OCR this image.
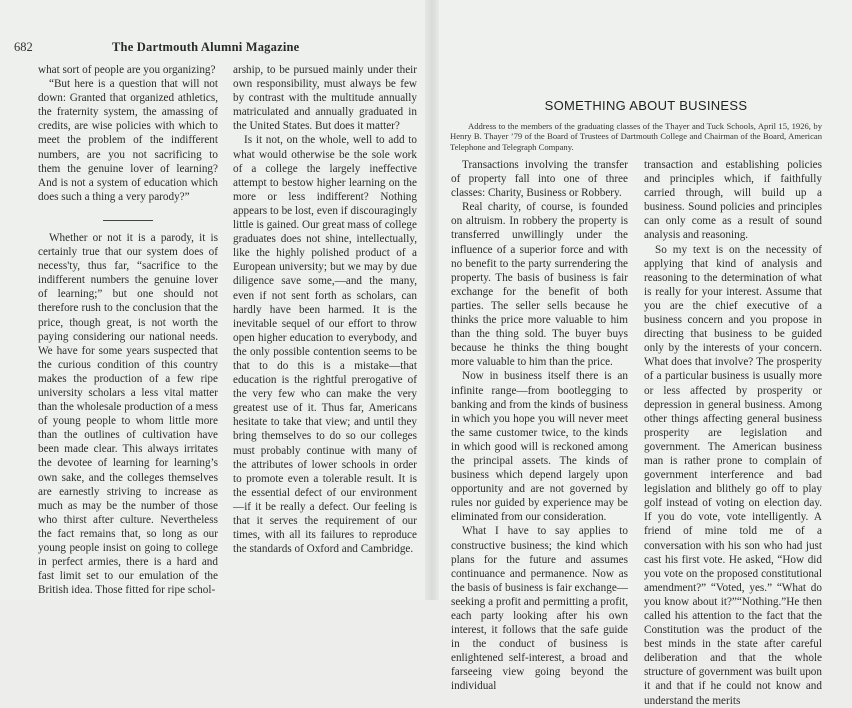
682	The Dartmouth Alumni Magazine

what sort of people are you organizing?

“But here is a question that will not down: Granted that organized athletics, the fraternity system, the amassing of credits, are wise policies with which to meet the problem of the indifferent numbers, are you not sacrificing to them the genuine lover of learning? And is not a system of education which does such a thing a very parody?”

Whether or not it is a parody, it is certainly true that our system does of necess'ty, thus far, “sacrifice to the indifferent numbers the genuine lover of learning;” but one should not therefore rush to the conclusion that the price, though great, is not worth the paying considering our national needs. We have for some years suspected that the curious condition of this country makes the production of a few ripe university scholars a less vital matter than the wholesale production of a mess of young people to whom little more than the outlines of cultivation have been made clear. This always irritates the devotee of learning for learning’s own sake, and the colleges themselves are earnestly striving to increase as much as may be the number of those who thirst after culture. Nevertheless the fact remains that, so long as our young people insist on going to college in perfect armies, there is a hard and fast limit set to our emulation of the British idea. Those fitted for ripe schol-

arship, to be pursued mainly under their own responsibility, must always be few by contrast with the multitude annually matriculated and annually graduated in the United States. But does it matter?

Is it not, on the whole, well to add to what would otherwise be the sole work of a college the largely ineffective attempt to bestow higher learning on the more or less indifferent? Nothing appears to be lost, even if discouragingly little is gained. Our great mass of college graduates does not shine, intellectually, like the highly polished product of a European university; but we may by due diligence save some,—and the many, even if not sent forth as scholars, can hardly have been harmed. It is the inevitable sequel of our effort to throw open higher education to everybody, and the only possible contention seems to be that to do this is a mistake—that education is the rightful prerogative of the very few who can make the very greatest use of it. Thus far, Americans hesitate to take that view; and until they bring themselves to do so our colleges must probably continue with many of the attributes of lower schools in order to promote even a tolerable result. It is the essential defect of our environment—if it be really a defect. Our feeling is that it serves the requirement of our times, with all its failures to reproduce the standards of Oxford and Cambridge.

SOMETHING ABOUT BUSINESS
Address to the members of the graduating classes of the Thayer and Tuck Schools, April 15, 1926, by Henry B. Thayer ’79 of the Board of Trustees of Dartmouth College and Chairman of the Board, American Telephone and Telegraph Company.

Transactions involving the transfer of property fall into one of three classes: Charity, Business or Robbery.

Real charity, of course, is founded on altruism. In robbery the property is transferred unwillingly under the influence of a superior force and with no benefit to the party surrendering the property. The basis of business is fair exchange for the benefit of both parties. The seller sells because he thinks the price more valuable to him than the thing sold. The buyer buys because he thinks the thing bought more valuable to him than the price.

Now in business itself there is an infinite range—from bootlegging to banking and from the kinds of business in which you hope you will never meet the same customer twice, to the kinds in which good will is reckoned among the principal assets. The kinds of business which depend largely upon opportunity and are not governed by rules nor guided by experience may be eliminated from our consideration.

What I have to say applies to constructive business; the kind which plans for the future and assumes continuance and permanence. Now as the basis of business is fair exchange—seeking a profit and permitting a profit, each party looking after his own interest, it follows that the safe guide in the conduct of business is enlightened self-interest, a broad and farseeing view going beyond the individual

transaction and establishing policies and principles which, if faithfully carried through, will build up a business. Sound policies and principles can only come as a result of sound analysis and reasoning.

So my text is on the necessity of applying that kind of analysis and reasoning to the determination of what is really for your interest. Assume that you are the chief executive of a business concern and you propose in directing that business to be guided only by the interests of your concern. What does that involve? The prosperity of a particular business is usually more or less affected by prosperity or depression in general business. Among other things affecting general business prosperity are legislation and government. The American business man is rather prone to complain of government interference and bad legislation and blithely go off to play golf instead of voting on election day. If you do vote, vote intelligently. A friend of mine told me of a conversation with his son who had just cast his first vote. He asked, “How did you vote on the proposed constitutional amendment?” “Voted, yes.” “What do you know about it?”“Nothing.”He then called his attention to the fact that the Constitution was the product of the best minds in the state after careful deliberation and that the whole structure of government was built upon it and that if he could not know and understand the merits
